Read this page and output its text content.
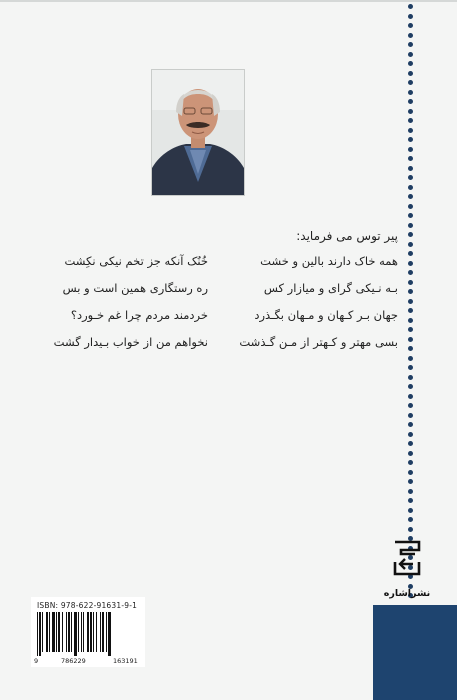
پیر توس می فرماید:
همه خاک دارند بالین و خشت
بـه نـیکی گرای و میازار کس
جهان بـر کـهان و مـهان بگـذرد
بسی مهتر و کـهتر از مـن گـذشت
خُنُک آنکه جز تخم نیکی نکِشت
ره رستگاری همین است و بس
خردمند مردم چرا غم خـورد؟
نخواهم من از خواب بـیدار گشت
ISBN: 978-622-91631-9-1
9	786229	163191
نشراشاره
